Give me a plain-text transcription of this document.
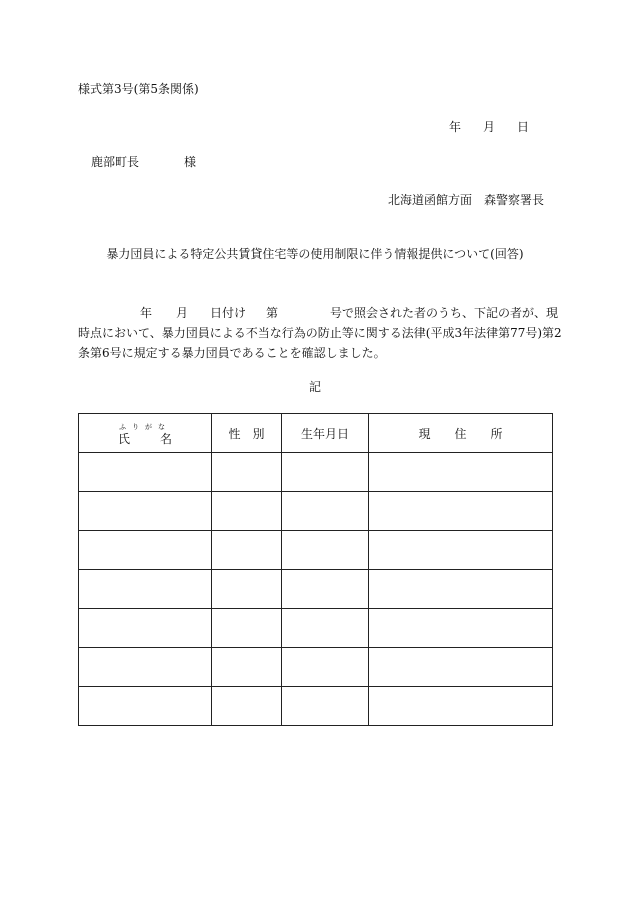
様式第3号(第5条関係)
年 月 日
鹿部町長	様
北海道函館方面　森警察署長
暴力団員による特定公共賃貸住宅等の使用制限に伴う情報提供について(回答)
年 月 日付け 第	号で照会された者のうち、下記の者が、現
時点において、暴力団員による不当な行為の防止等に関する法律(平成3年法律第77号)第2
条第6号に規定する暴力団員であることを確認しました。
記
ふりがな
氏名	性　別	生年月日	現　　住　　所
